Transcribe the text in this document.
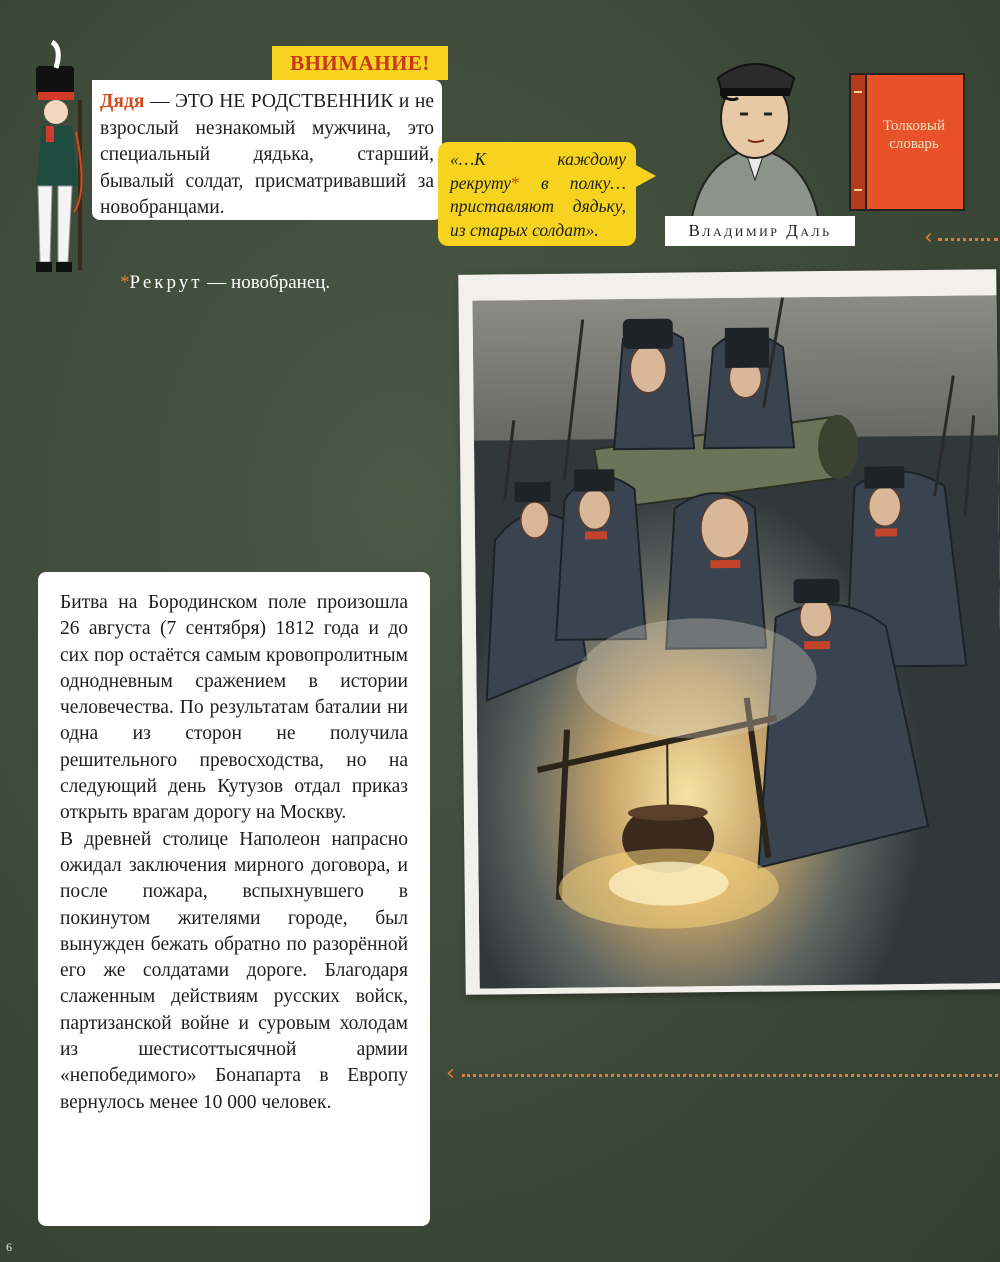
ВНИМАНИЕ!
Дядя — ЭТО НЕ РОДСТВЕННИК и не взрослый незнакомый мужчина, это специальный дядька, старший, бывалый солдат, присматривавший за новобранцами.
*Рекрут — новобранец.
«…К каждому рекруту* в полку… приставляют дядьку, из старых солдат».	Владимир Даль
Толковый
словарь
‹
‹

Битва на Бородинском поле произошла 26 августа (7 сентября) 1812 года и до сих пор остаётся самым кровопролитным однодневным сражением в истории человечества. По результатам баталии ни одна из сторон не получила решительного превосходства, но на следующий день Кутузов отдал приказ открыть врагам дорогу на Москву.

В древней столице Наполеон напрасно ожидал заключения мирного договора, и после пожара, вспыхнувшего в покинутом жителями городе, был вынужден бежать обратно по разорённой его же солдатами дороге. Благодаря слаженным действиям русских войск, партизанской войне и суровым холодам из шестисоттысячной армии «непобедимого» Бонапарта в Европу вернулось менее 10 000 человек.

6
